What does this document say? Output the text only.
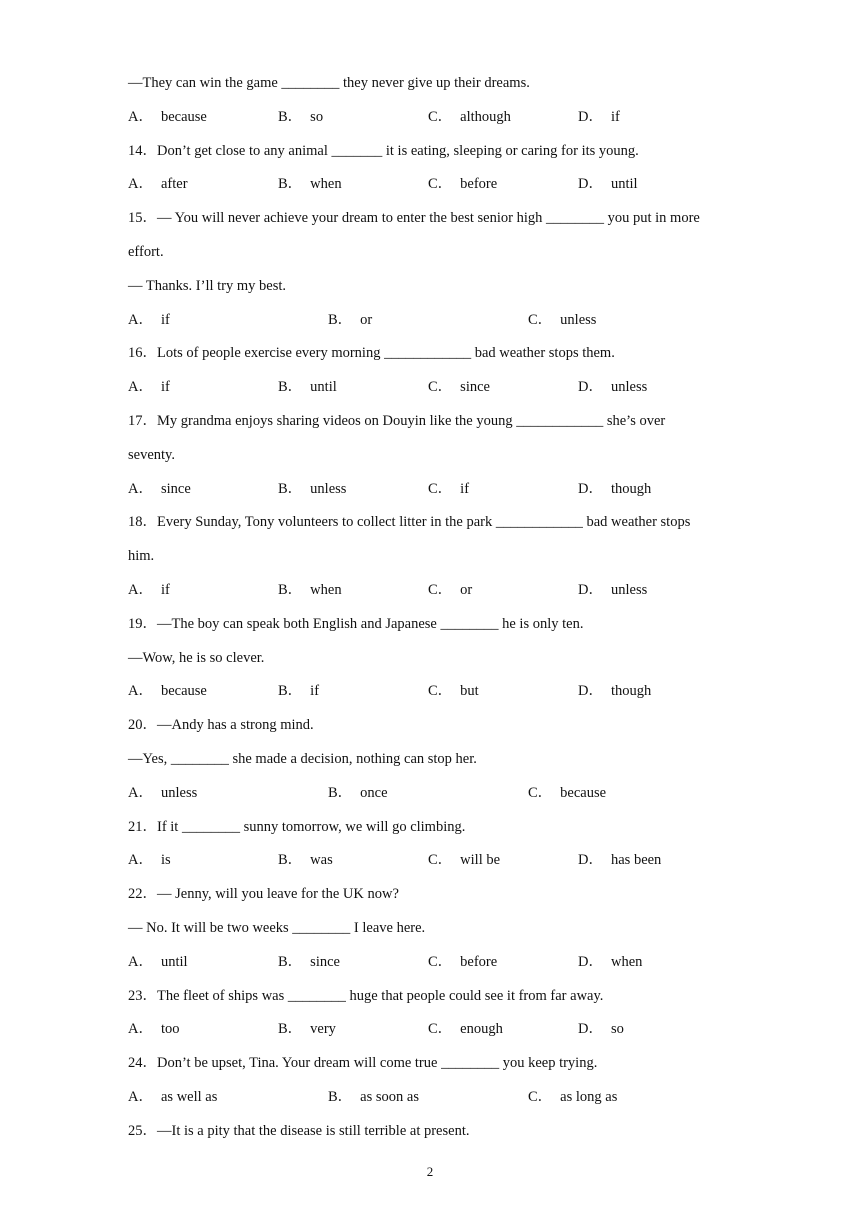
—They can win the game ________ they never give up their dreams.
A． because	B． so	C． although	D． if
14．Don’t get close to any animal _______ it is eating, sleeping or caring for its young.
A． after	B． when	C． before	D． until
15．— You will never achieve your dream to enter the best senior high ________ you put in more
effort.
— Thanks. I’ll try my best.
A． if	B． or	C． unless
16．Lots of people exercise every morning ____________ bad weather stops them.
A． if	B． until	C． since	D． unless
17．My grandma enjoys sharing videos on Douyin like the young ____________ she’s over
seventy.
A． since	B． unless	C． if	D． though
18．Every Sunday, Tony volunteers to collect litter in the park ____________ bad weather stops
him.
A． if	B． when	C． or	D． unless
19．—The boy can speak both English and Japanese ________ he is only ten.
—Wow, he is so clever.
A． because	B． if	C． but	D． though
20．—Andy has a strong mind.
—Yes, ________ she made a decision, nothing can stop her.
A． unless	B． once	C． because
21．If it ________ sunny tomorrow, we will go climbing.
A． is	B． was	C． will be	D． has been
22．— Jenny, will you leave for the UK now?
— No. It will be two weeks ________ I leave here.
A． until	B． since	C． before	D． when
23．The fleet of ships was ________ huge that people could see it from far away.
A． too	B． very	C． enough	D． so
24．Don’t be upset, Tina. Your dream will come true ________ you keep trying.
A． as well as	B． as soon as	C． as long as
25．—It is a pity that the disease is still terrible at present.
2
